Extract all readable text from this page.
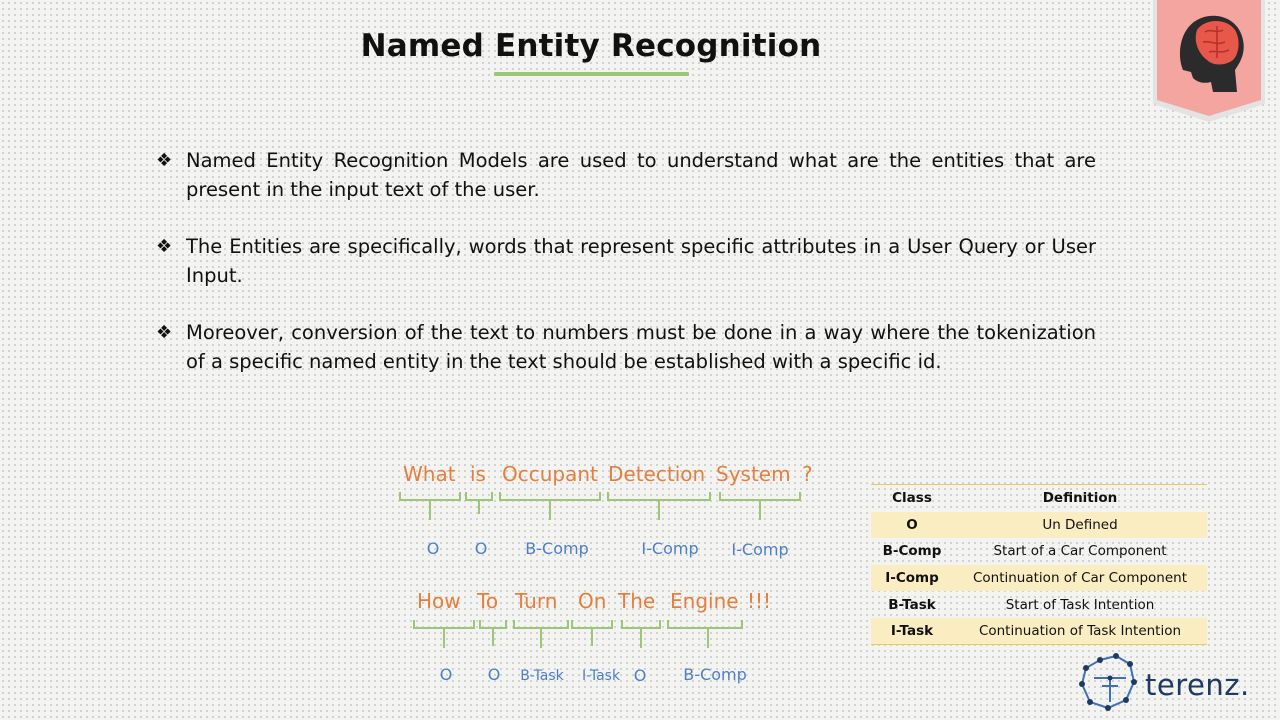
Named Entity Recognition
❖ Named Entity Recognition Models are used to understand what are the entities that are present in the input text of the user.
❖ The Entities are specifically, words that represent specific attributes in a User Query or User Input.
❖ Moreover, conversion of the text to numbers must be done in a way where the tokenization of a specific named entity in the text should be established with a specific id.
What is Occupant Detection System ?
O O B-Comp	I-Comp I-Comp
How To Turn On The Engine !!!
O O B-Task I-Task O B-Comp
Class	Definition
O	Un Defined
B-Comp	Start of a Car Component
I-Comp	Continuation of Car Component
B-Task	Start of Task Intention
I-Task	Continuation of Task Intention
terenz.
